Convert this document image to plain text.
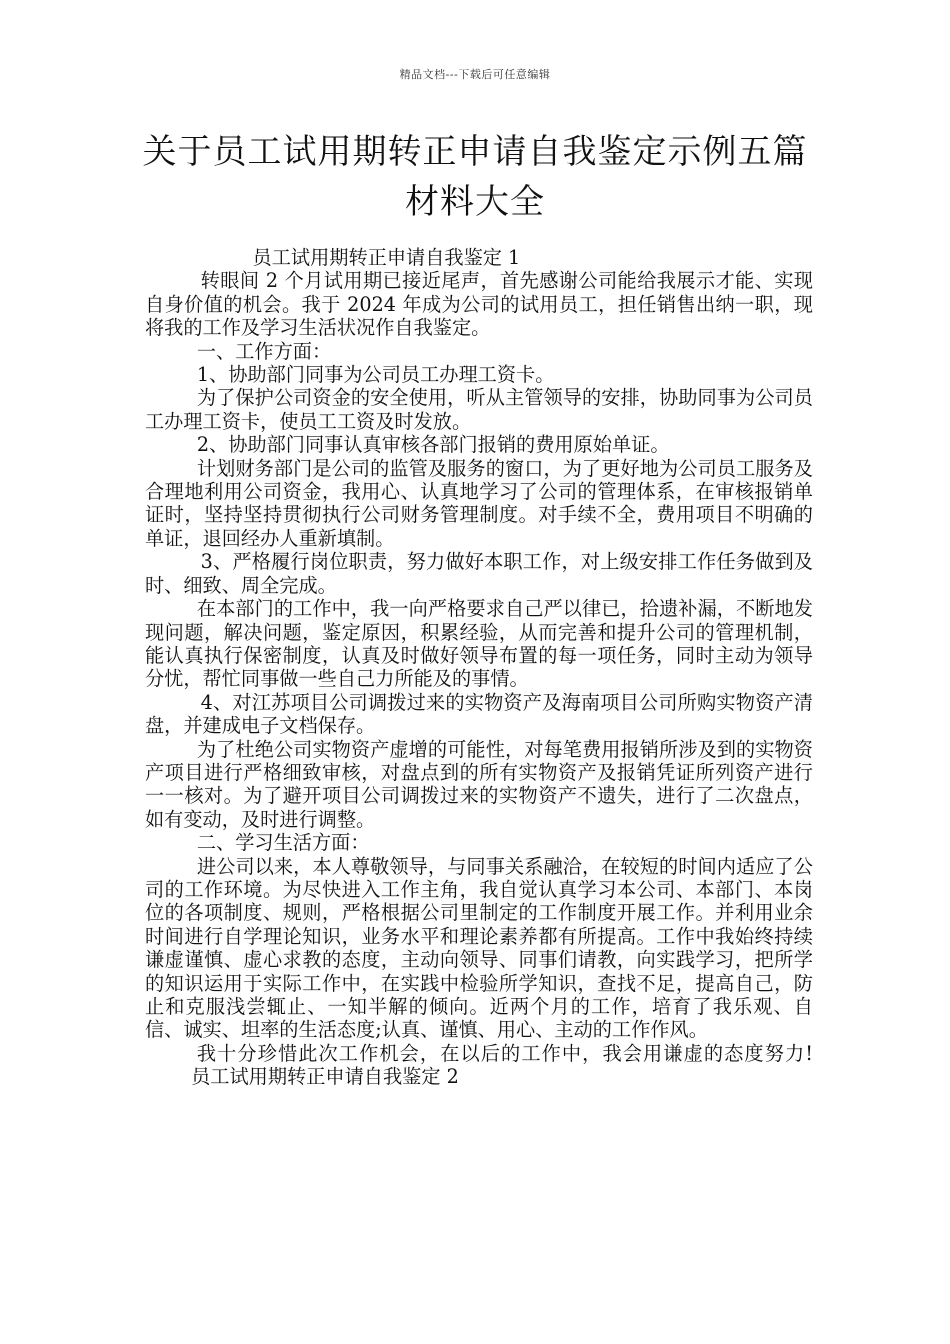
精品文档---下载后可任意编辑
关于员工试用期转正申请自我鉴定示例五篇材料大全

员工试用期转正申请自我鉴定 1

转眼间 2 个月试用期已接近尾声，首先感谢公司能给我展示才能、实现自身价值的机会。我于 2024 年成为公司的试用员工，担任销售出纳一职，现将我的工作及学习生活状况作自我鉴定。

一、工作方面：

1、协助部门同事为公司员工办理工资卡。

为了保护公司资金的安全使用，听从主管领导的安排，协助同事为公司员工办理工资卡，使员工工资及时发放。

2、协助部门同事认真审核各部门报销的费用原始单证。

计划财务部门是公司的监管及服务的窗口，为了更好地为公司员工服务及合理地利用公司资金，我用心、认真地学习了公司的管理体系，在审核报销单证时，坚持坚持贯彻执行公司财务管理制度。对手续不全，费用项目不明确的单证，退回经办人重新填制。

3、严格履行岗位职责，努力做好本职工作，对上级安排工作任务做到及时、细致、周全完成。

在本部门的工作中，我一向严格要求自己严以律已，拾遗补漏，不断地发现问题，解决问题，鉴定原因，积累经验，从而完善和提升公司的管理机制，能认真执行保密制度，认真及时做好领导布置的每一项任务，同时主动为领导分忧，帮忙同事做一些自己力所能及的事情。

4、对江苏项目公司调拨过来的实物资产及海南项目公司所购实物资产清盘，并建成电子文档保存。

为了杜绝公司实物资产虚增的可能性，对每笔费用报销所涉及到的实物资产项目进行严格细致审核，对盘点到的所有实物资产及报销凭证所列资产进行一一核对。为了避开项目公司调拨过来的实物资产不遗失，进行了二次盘点，如有变动，及时进行调整。

二、学习生活方面：

进公司以来，本人尊敬领导，与同事关系融洽，在较短的时间内适应了公司的工作环境。为尽快进入工作主角，我自觉认真学习本公司、本部门、本岗位的各项制度、规则，严格根据公司里制定的工作制度开展工作。并利用业余时间进行自学理论知识，业务水平和理论素养都有所提高。工作中我始终持续谦虚谨慎、虚心求教的态度，主动向领导、同事们请教，向实践学习，把所学的知识运用于实际工作中，在实践中检验所学知识，查找不足，提高自己，防止和克服浅尝辄止、一知半解的倾向。近两个月的工作，培育了我乐观、自信、诚实、坦率的生活态度;认真、谨慎、用心、主动的工作作风。

我十分珍惜此次工作机会，在以后的工作中，我会用谦虚的态度努力!员工试用期转正申请自我鉴定 2
